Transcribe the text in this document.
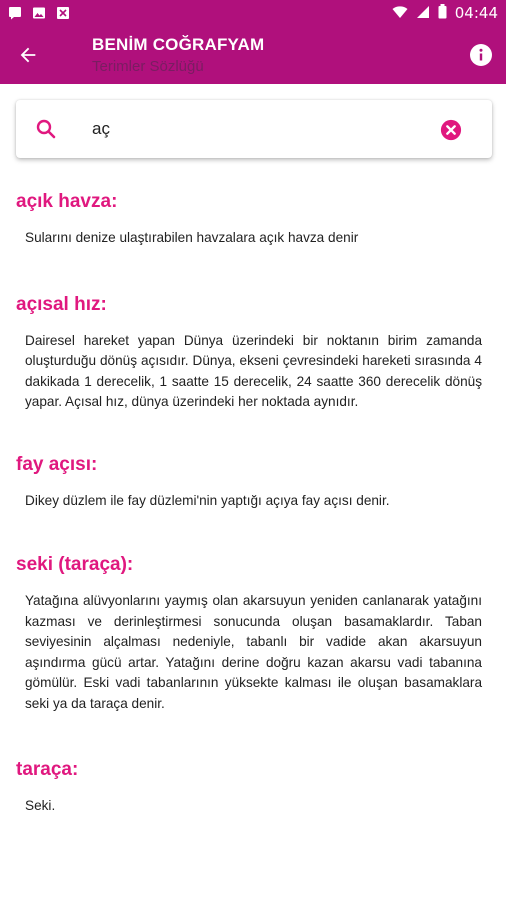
04:44
BENİM COĞRAFYAM
Terimler Sözlüğü
aç
açık havza:
Sularını denize ulaştırabilen havzalara açık havza denir
açısal hız:
Dairesel hareket yapan Dünya üzerindeki bir noktanın birim zamanda oluşturduğu dönüş açısıdır. Dünya, ekseni çevresindeki hareketi sırasında 4 dakikada 1 derecelik, 1 saatte 15 derecelik, 24 saatte 360 derecelik dönüş yapar. Açısal hız, dünya üzerindeki her noktada aynıdır.
fay açısı:
Dikey düzlem ile fay düzlemi'nin yaptığı açıya fay açısı denir.
seki (taraça):
Yatağına alüvyonlarını yaymış olan akarsuyun yeniden canlanarak yatağını kazması ve derinleştirmesi sonucunda oluşan basamaklardır. Taban seviyesinin alçalması nedeniyle, tabanlı bir vadide akan akarsuyun aşındırma gücü artar. Yatağını derine doğru kazan akarsu vadi tabanına gömülür. Eski vadi tabanlarının yüksekte kalması ile oluşan basamaklara seki ya da taraça denir.
taraça:
Seki.
